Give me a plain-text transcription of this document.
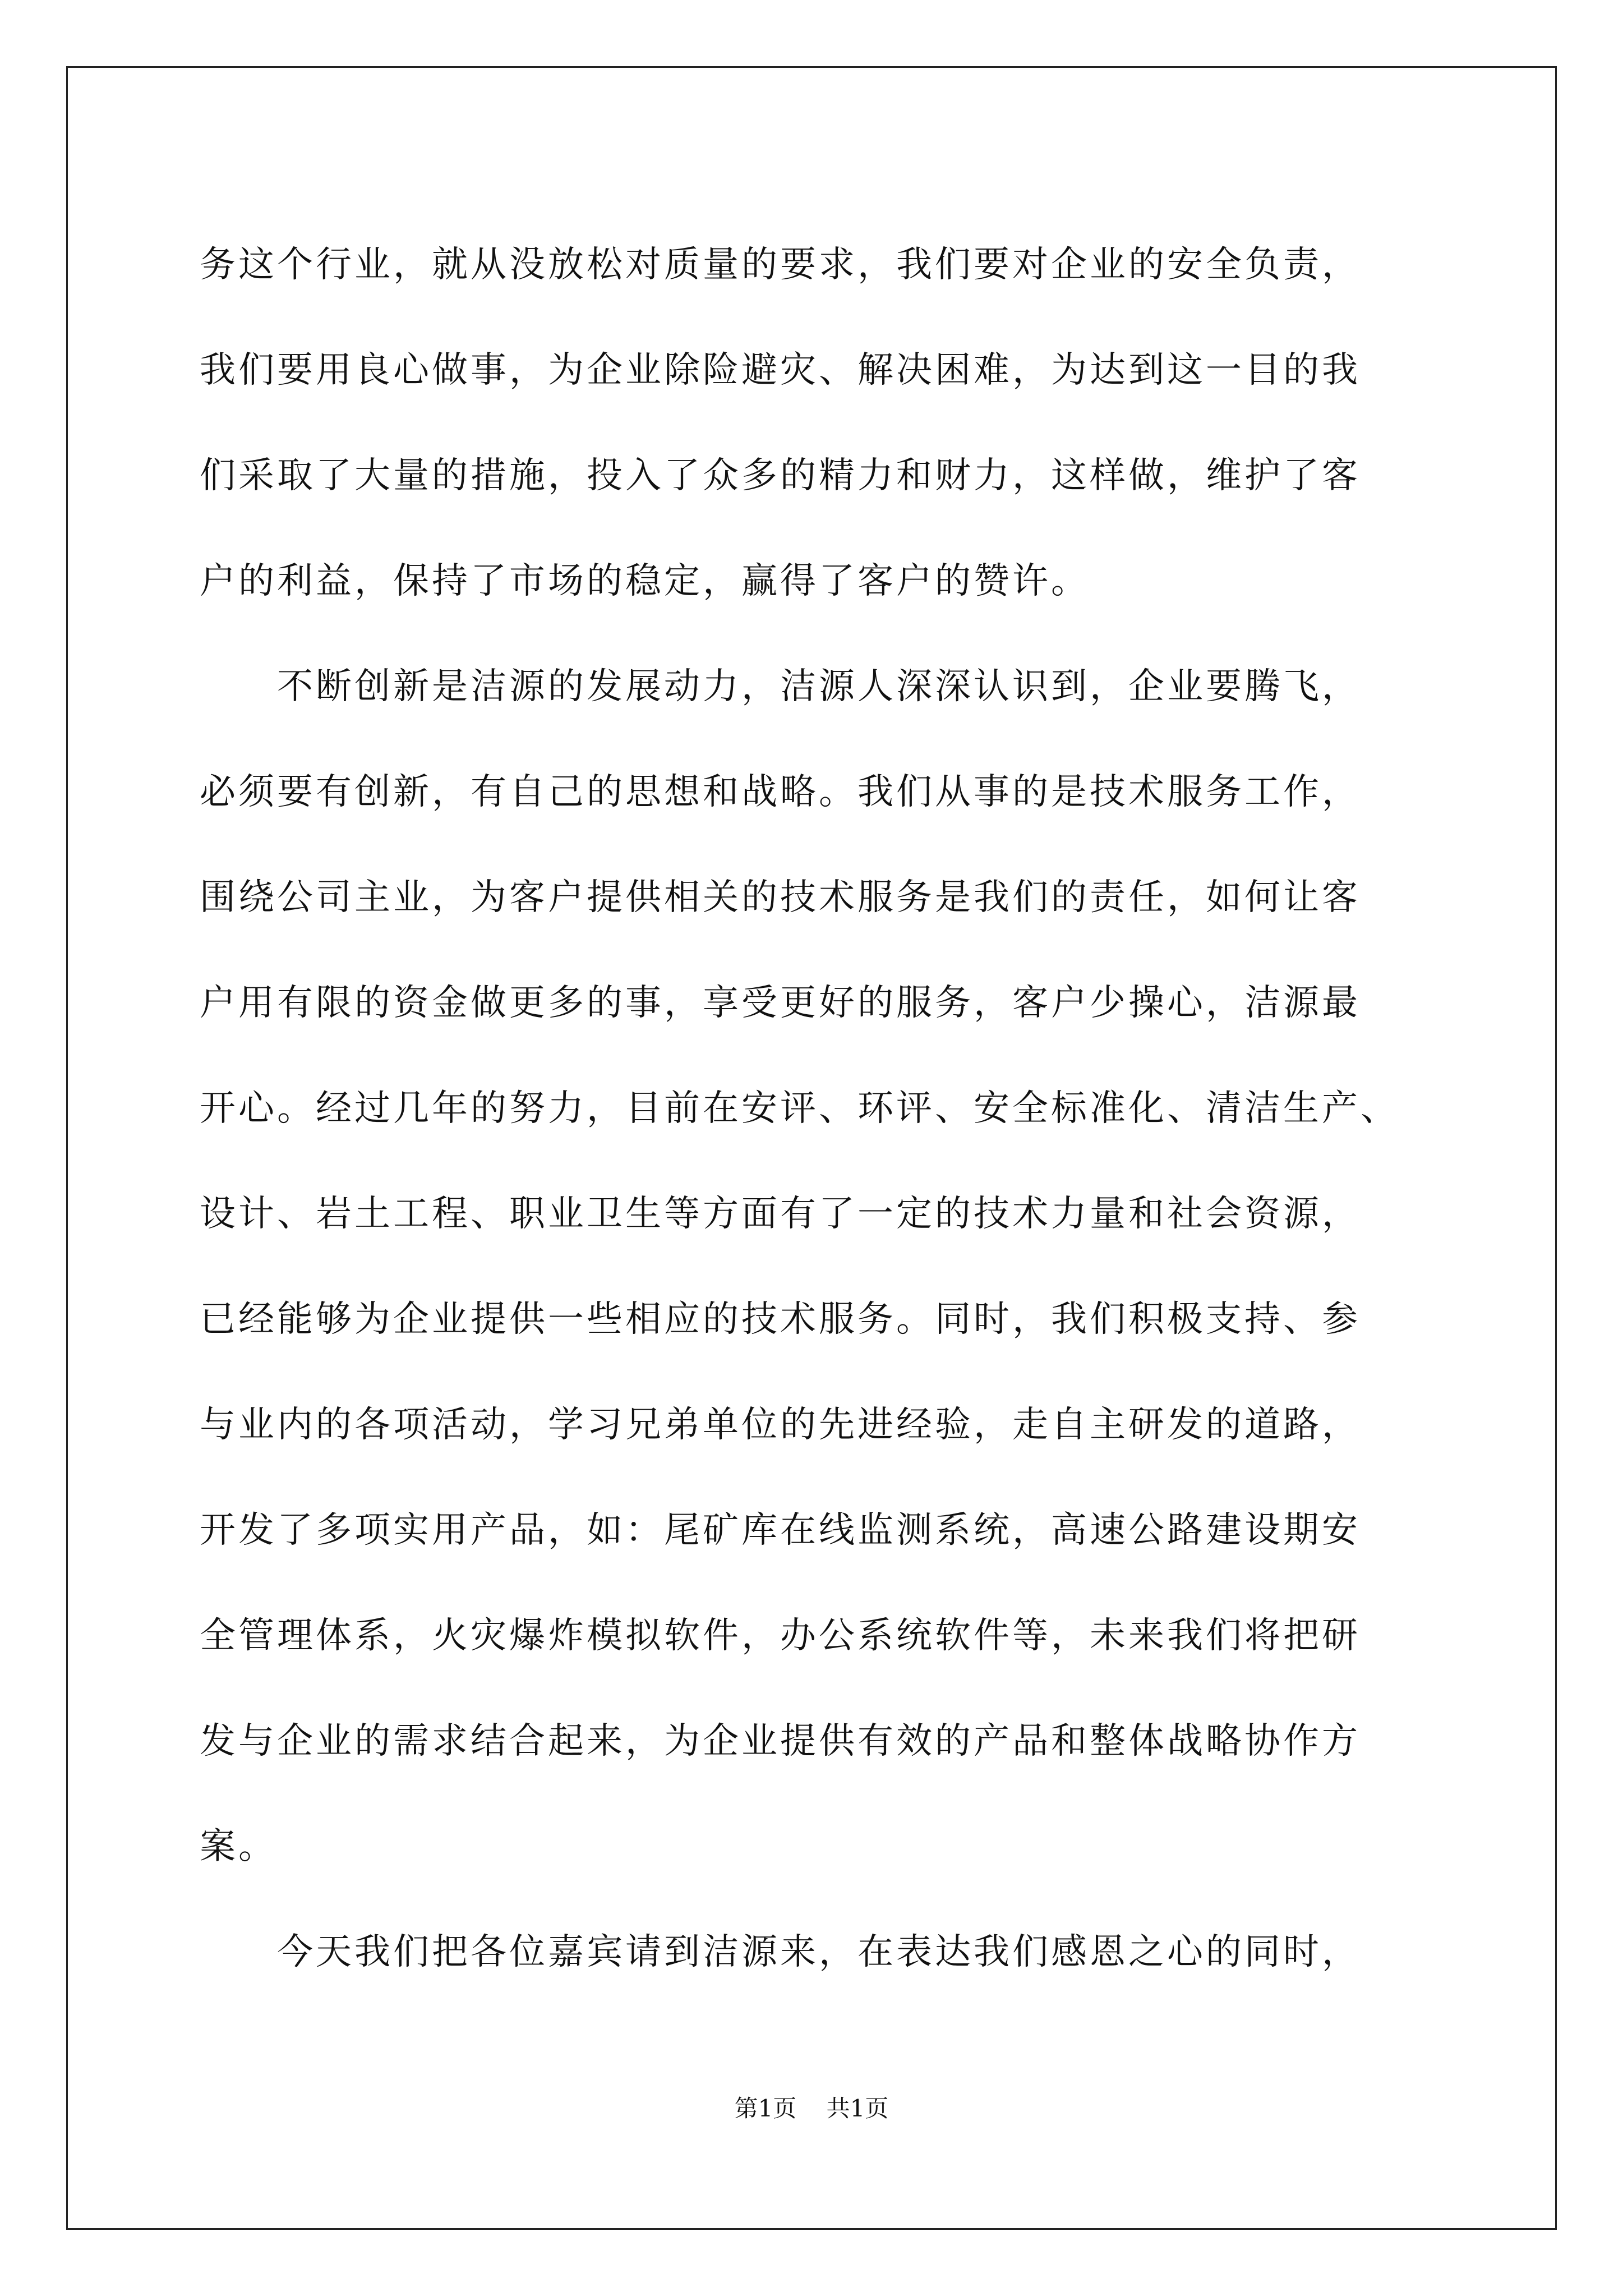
务这个行业，就从没放松对质量的要求，我们要对企业的安全负责，
我们要用良心做事，为企业除险避灾、解决困难，为达到这一目的我
们采取了大量的措施，投入了众多的精力和财力，这样做，维护了客
户的利益，保持了市场的稳定，赢得了客户的赞许。
　　不断创新是洁源的发展动力，洁源人深深认识到，企业要腾飞，
必须要有创新，有自己的思想和战略。我们从事的是技术服务工作，
围绕公司主业，为客户提供相关的技术服务是我们的责任，如何让客
户用有限的资金做更多的事，享受更好的服务，客户少操心，洁源最
开心。经过几年的努力，目前在安评、环评、安全标准化、清洁生产、
设计、岩土工程、职业卫生等方面有了一定的技术力量和社会资源，
已经能够为企业提供一些相应的技术服务。同时，我们积极支持、参
与业内的各项活动，学习兄弟单位的先进经验，走自主研发的道路，
开发了多项实用产品，如：尾矿库在线监测系统，高速公路建设期安
全管理体系，火灾爆炸模拟软件，办公系统软件等，未来我们将把研
发与企业的需求结合起来，为企业提供有效的产品和整体战略协作方
案。
　　今天我们把各位嘉宾请到洁源来，在表达我们感恩之心的同时，
第1页    共1页
